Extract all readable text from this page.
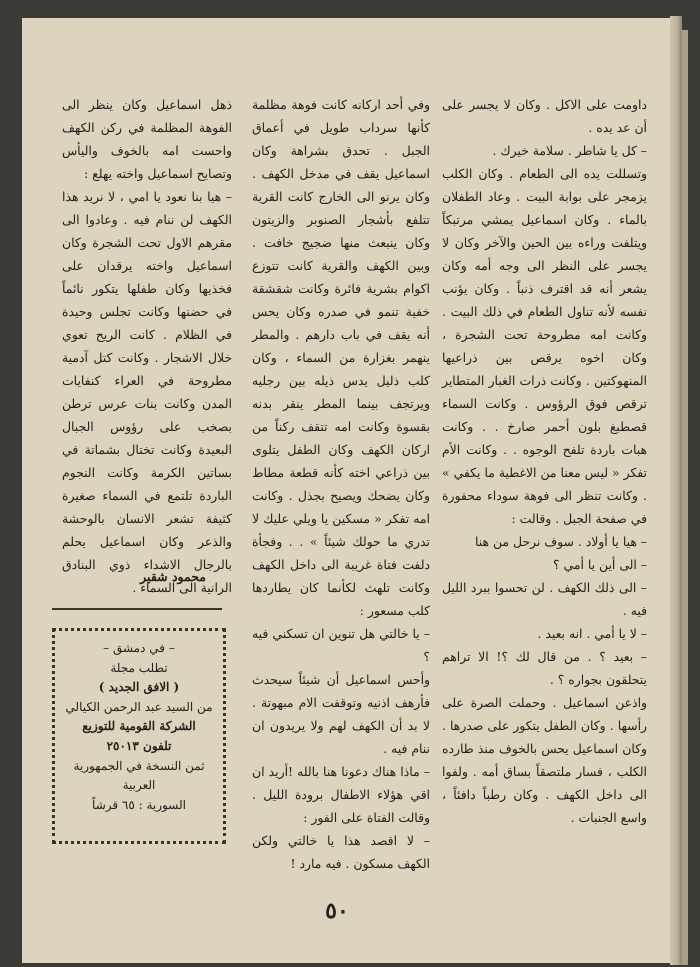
داومت على الاكل . وكان لا يجسر على أن عد يده .

– كل يا شاطر . سلامة خيرك .

وتسللت يده الى الطعام . وكان الكلب يزمجر على بوابة البيت . وعاد الطفلان بالماء . وكان اسماعيل يمشي مرتبكاً ويتلفت وراءه بين الحين والآخر وكان لا يجسر على النظر الى وجه أمه وكان يشعر أنه قد اقترف ذنباً . وكان يؤنب نفسه لأنه تناول الطعام في ذلك البيت . وكانت امه مطروحة تحت الشجرة ، وكان اخوه يرقص بين ذراعيها المنهوكتين . وكانت ذرات الغبار المتطاير ترقص فوق الرؤوس . وكانت السماء قصطبغ بلون أحمر صارخ . . وكانت هبات باردة تلفح الوجوه . . وكانت الأم تفكر « ليس معنا من الاغطية ما يكفي » . وكانت تنظر الى فوهة سوداء محفورة في صفحة الجبل . وقالت :

– هيا يا أولاد . سوف نرحل من هنا

– الى أين يا أمي ؟

– الى ذلك الكهف . لن تحسوا ببرد الليل فيه .

– لا يا أمي . انه بعيد .

– بعيد ؟ . من قال لك ؟! الا تراهم يتحلقون بجواره ؟ .

واذعن اسماعيل . وحملت الصرة على رأسها . وكان الطفل يتكور على صدرها . وكان اسماعيل يحس بالخوف منذ طارده الكلب ، فسار ملتصقاً بساق أمه . ولفوا الى داخل الكهف . وكان رطباً دافئاً ، واسع الجنبات .

وفي أحد اركانه كانت فوهة مظلمة كأنها سرداب طويل في أعماق الجبل . تحدق بشراهة وكان اسماعيل يقف في مدخل الكهف . وكان يرنو الى الخارج كانت القرية تتلفع بأشجار الصنوبر والزيتون وكان ينبعث منها ضجيج خافت . وبين الكهف والقرية كانت تتوزع اكوام بشرية فائرة وكانت شقشقة خفية تنمو في صدره وكان يحس أنه يقف في باب دارهم . والمطر ينهمر بغزارة من السماء ، وكان كلب ذليل يدس ذيله بين رجليه ويرتجف بينما المطر ينقر بدنه بقسوة وكانت امه تتقف ركناً من اركان الكهف وكان الطفل يتلوى بين ذراعي اخته كأنه قطعة مطاط وكان يضحك ويصيح بجذل . وكانت امه تفكر « مسكين يا ويلي عليك لا تدري ما حولك شيئاً » . . وفجأة دلفت فتاة غريبة الى داخل الكهف وكانت تلهث لكأنما كان يطاردها كلب مسعور :

– يا خالتي هل تنوين ان تسكني فيه ؟

وأحس اسماعيل أن شيئاً سيحدث فأرهف اذنيه وتوقفت الام مبهوتة . لا بد أن الكهف لهم ولا يريدون ان ننام فيه .

– ماذا هناك دعونا هنا بالله !أريد ان اقي هؤلاء الاطفال برودة الليل . وقالت الفتاة على الفور :

– لا اقصد هذا يا خالتي ولكن الكهف مسكون . فيه مارد !

ذهل اسماعيل وكان ينظر الى الفوهة المظلمة في ركن الكهف واحست امه بالخوف واليأس وتصايح اسماعيل واخته يهلع :

– هيا بنا نعود يا امي ، لا نريد هذا الكهف لن ننام فيه . وعادوا الى مقرهم الاول تحت الشجرة وكان اسماعيل واخته يرقدان على فخذيها وكان طفلها يتكور نائماً في حضنها وكانت تجلس وحيدة في الظلام . كانت الريح تعوي خلال الاشجار . وكانت كتل آدمية مطروحة في العراء كنفايات المدن وكانت بنات عرس ترطن بصخب على رؤوس الجبال البعيدة وكانت تختال بشماتة في بساتين الكرمة وكانت النجوم الباردة تلتمع في السماء صغيرة كثيفة تشعر الانسان بالوحشة والذعر وكان اسماعيل يحلم بالرجال الاشداء ذوي البنادق الرانية الى السماء .

محمود شقير
– في دمشق –
تطلب مجلة
( الافق الجديد )
من السيد عبد الرحمن الكيالي
الشركة القومية للتوزيع
تلفون ٢٥٠١٣
ثمن النسخة في الجمهورية العربية
السورية : ٦٥ قرشاً
٥٠
